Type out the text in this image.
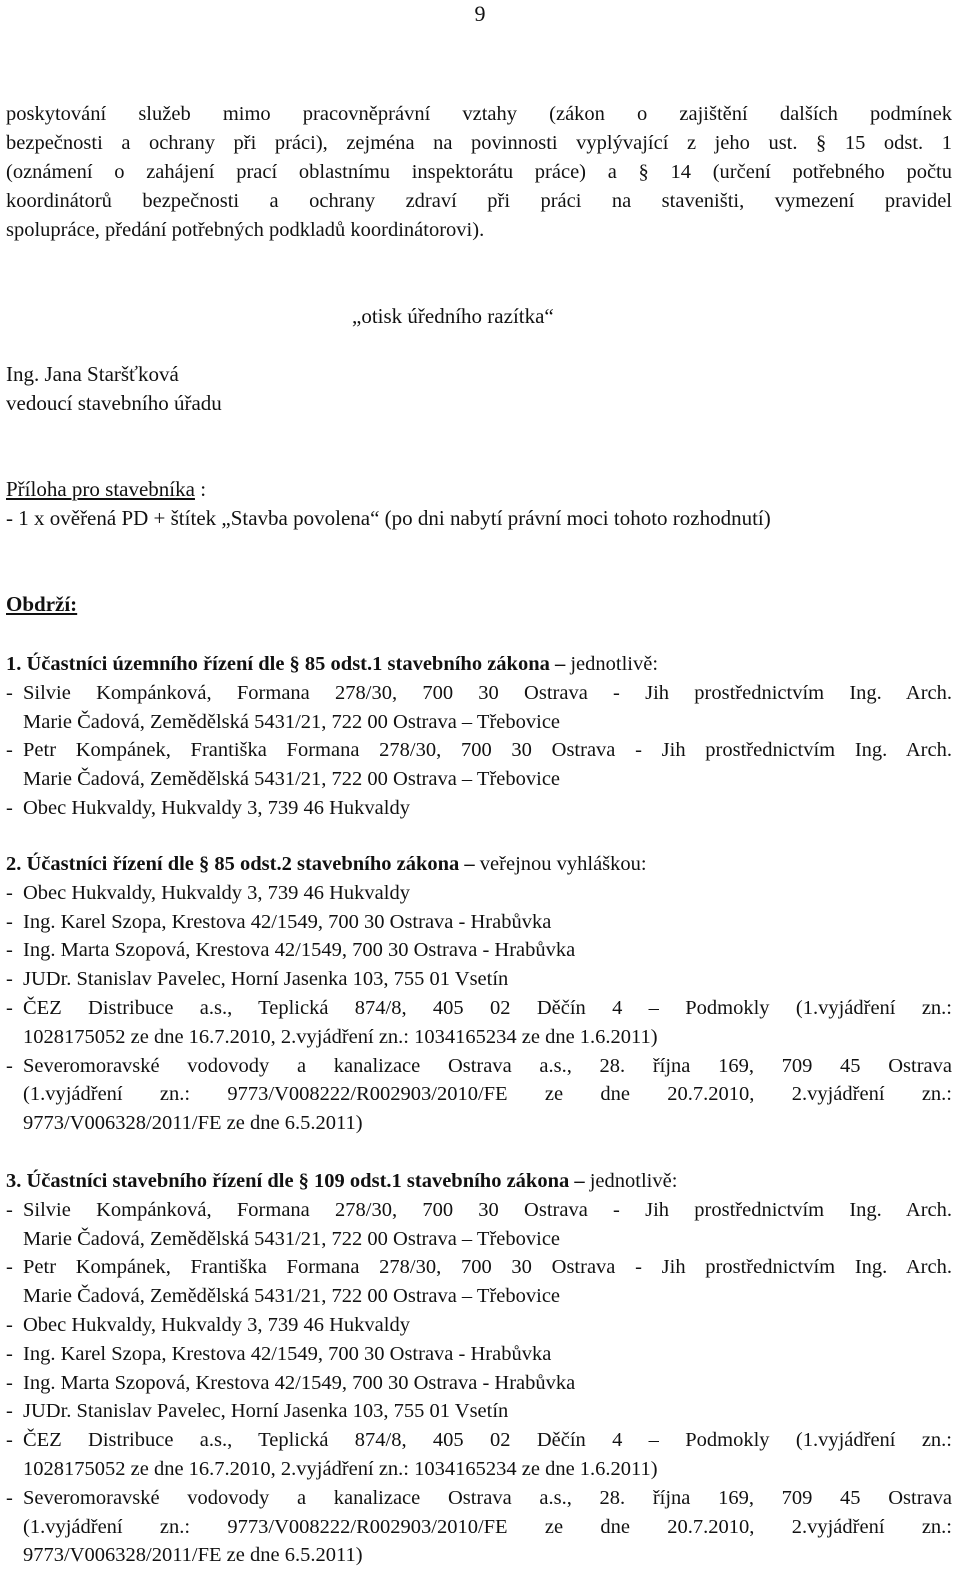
9
poskytování služeb mimo pracovněprávní vztahy (zákon o zajištění dalších podmínek
bezpečnosti a ochrany při práci), zejména na povinnosti vyplývající z jeho ust. § 15 odst. 1
(oznámení o zahájení prací oblastnímu inspektorátu práce) a § 14 (určení potřebného počtu
koordinátorů bezpečnosti a ochrany zdraví při práci na staveništi, vymezení pravidel
spolupráce, předání potřebných podkladů koordinátorovi).
„otisk úředního razítka“
Ing. Jana Staršťková
vedoucí stavebního úřadu
Příloha pro stavebníka :
- 1 x ověřená PD + štítek „Stavba povolena“ (po dni nabytí právní moci tohoto rozhodnutí)
Obdrží:
1. Účastníci územního řízení dle § 85 odst.1 stavebního zákona – jednotlivě:
- Silvie Kompánková, Formana 278/30, 700 30 Ostrava - Jih prostřednictvím Ing. Arch.
Marie Čadová, Zemědělská 5431/21, 722 00 Ostrava – Třebovice
- Petr Kompánek, Františka Formana 278/30, 700 30 Ostrava - Jih prostřednictvím Ing. Arch.
Marie Čadová, Zemědělská 5431/21, 722 00 Ostrava – Třebovice
- Obec Hukvaldy, Hukvaldy 3, 739 46 Hukvaldy
2. Účastníci řízení dle § 85 odst.2 stavebního zákona – veřejnou vyhláškou:
- Obec Hukvaldy, Hukvaldy 3, 739 46 Hukvaldy
- Ing. Karel Szopa, Krestova 42/1549, 700 30 Ostrava - Hrabůvka
- Ing. Marta Szopová, Krestova 42/1549, 700 30 Ostrava - Hrabůvka
- JUDr. Stanislav Pavelec, Horní Jasenka 103, 755 01 Vsetín
- ČEZ Distribuce a.s., Teplická 874/8, 405 02 Děčín 4 – Podmokly (1.vyjádření zn.:
1028175052 ze dne 16.7.2010, 2.vyjádření zn.: 1034165234 ze dne 1.6.2011)
- Severomoravské vodovody a kanalizace Ostrava a.s., 28. října 169, 709 45 Ostrava
(1.vyjádření zn.: 9773/V008222/R002903/2010/FE ze dne 20.7.2010, 2.vyjádření zn.:
9773/V006328/2011/FE ze dne 6.5.2011)
3. Účastníci stavebního řízení dle § 109 odst.1 stavebního zákona – jednotlivě:
- Silvie Kompánková, Formana 278/30, 700 30 Ostrava - Jih prostřednictvím Ing. Arch.
Marie Čadová, Zemědělská 5431/21, 722 00 Ostrava – Třebovice
- Petr Kompánek, Františka Formana 278/30, 700 30 Ostrava - Jih prostřednictvím Ing. Arch.
Marie Čadová, Zemědělská 5431/21, 722 00 Ostrava – Třebovice
- Obec Hukvaldy, Hukvaldy 3, 739 46 Hukvaldy
- Ing. Karel Szopa, Krestova 42/1549, 700 30 Ostrava - Hrabůvka
- Ing. Marta Szopová, Krestova 42/1549, 700 30 Ostrava - Hrabůvka
- JUDr. Stanislav Pavelec, Horní Jasenka 103, 755 01 Vsetín
- ČEZ Distribuce a.s., Teplická 874/8, 405 02 Děčín 4 – Podmokly (1.vyjádření zn.:
1028175052 ze dne 16.7.2010, 2.vyjádření zn.: 1034165234 ze dne 1.6.2011)
- Severomoravské vodovody a kanalizace Ostrava a.s., 28. října 169, 709 45 Ostrava
(1.vyjádření zn.: 9773/V008222/R002903/2010/FE ze dne 20.7.2010, 2.vyjádření zn.:
9773/V006328/2011/FE ze dne 6.5.2011)
